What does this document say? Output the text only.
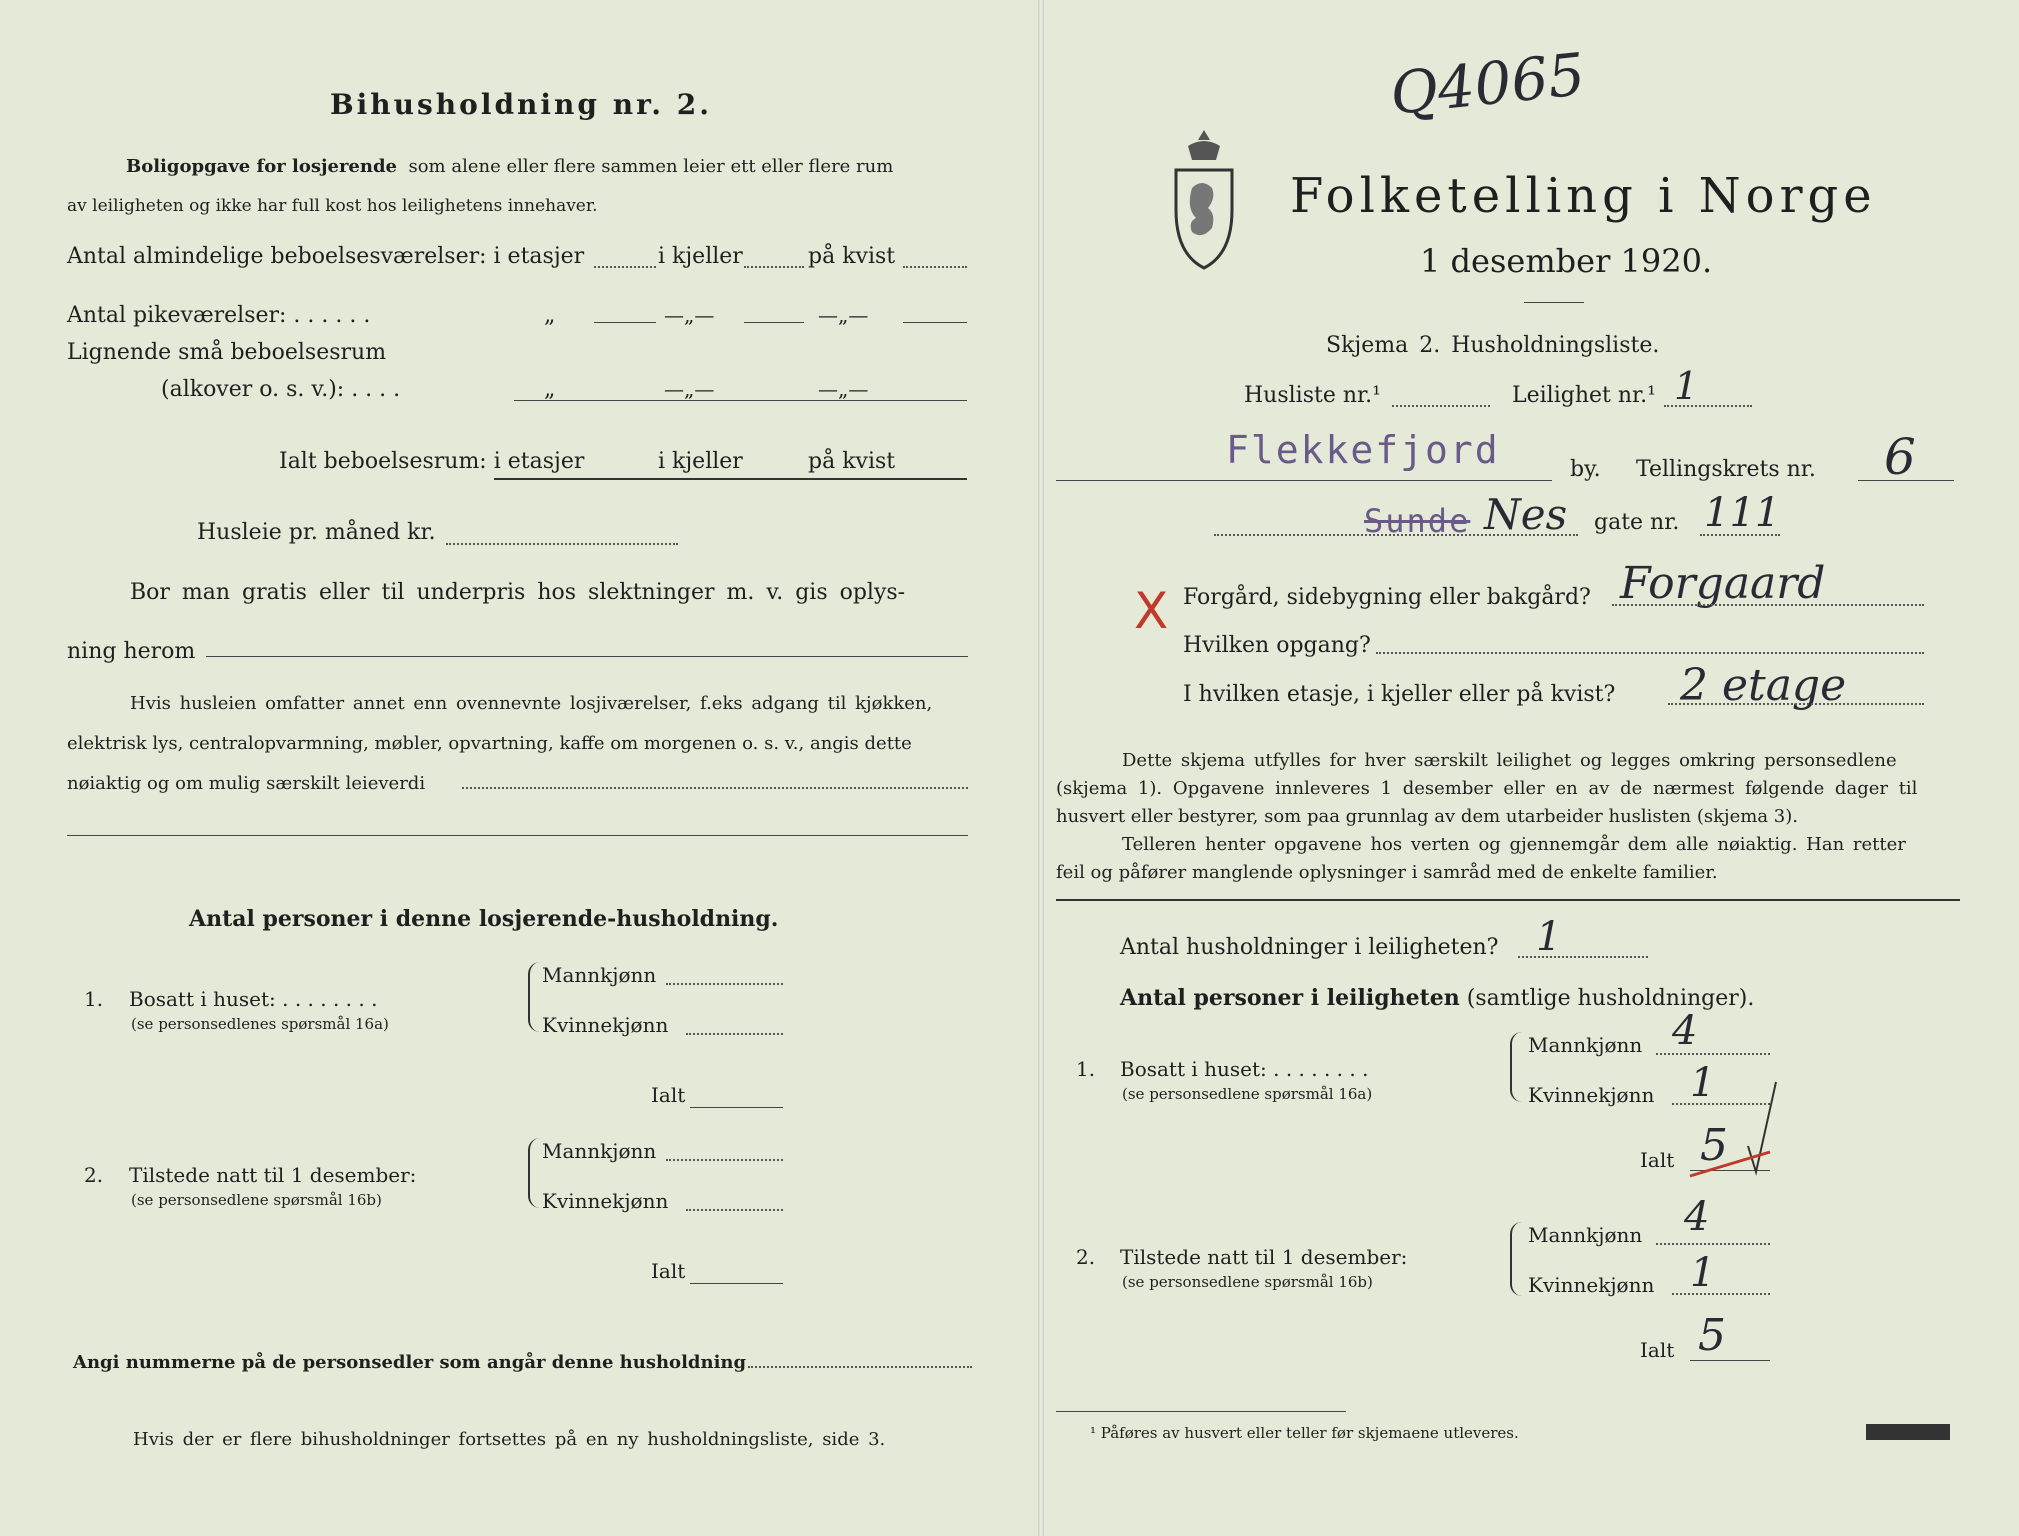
Bihusholdning nr. 2.
Boligopgave for losjerende som alene eller flere sammen leier ett eller flere rum
av leiligheten og ikke har full kost hos leilighetens innehaver.
Antal almindelige beboelsesværelser: i etasjer	i kjeller	på kvist
Antal pikeværelser: . . . . . .	„	—„—	—„—
Lignende små beboelsesrum
(alkover o. s. v.): . . . .	„	—„—	—„—
Ialt beboelsesrum: i etasjer	i kjeller	på kvist
Husleie pr. måned kr.
Bor man gratis eller til underpris hos slektninger m. v. gis oplys-
ning herom
Hvis husleien omfatter annet enn ovennevnte losjiværelser, f.eks adgang til kjøkken,
elektrisk lys, centralopvarmning, møbler, opvartning, kaffe om morgenen o. s. v., angis dette
nøiaktig og om mulig særskilt leieverdi
Antal personer i denne losjerende-husholdning.
1. Bosatt i huset: . . . . . . . .
(se personsedlenes spørsmål 16a)
Mannkjønn
Kvinnekjønn
Ialt
2. Tilstede natt til 1 desember:
(se personsedlene spørsmål 16b)
Mannkjønn
Kvinnekjønn
Ialt
Angi nummerne på de personsedler som angår denne husholdning
Hvis der er flere bihusholdninger fortsettes på en ny husholdningsliste, side 3.
Q4065
Folketelling i Norge
1 desember 1920.
Skjema 2. Husholdningsliste.
Husliste nr.¹	Leilighet nr.¹ 1
Flekkefjord	by. Tellingskrets nr. 6
Sunde Nes gate nr. 111
X Forgård, sidebygning eller bakgård? Forgaard
Hvilken opgang?
I hvilken etasje, i kjeller eller på kvist? 2 etage
Dette skjema utfylles for hver særskilt leilighet og legges omkring personsedlene
(skjema 1). Opgavene innleveres 1 desember eller en av de nærmest følgende dager til
husvert eller bestyrer, som paa grunnlag av dem utarbeider huslisten (skjema 3).
Telleren henter opgavene hos verten og gjennemgår dem alle nøiaktig. Han retter
feil og påfører manglende oplysninger i samråd med de enkelte familier.
Antal husholdninger i leiligheten? 1
Antal personer i leiligheten (samtlige husholdninger).
1. Bosatt i huset: . . . . . . . .
(se personsedlene spørsmål 16a)
Mannkjønn 4
Kvinnekjønn 1
Ialt 5
2. Tilstede natt til 1 desember:
(se personsedlene spørsmål 16b)
Mannkjønn 4
Kvinnekjønn 1
Ialt 5
¹ Påføres av husvert eller teller før skjemaene utleveres.
